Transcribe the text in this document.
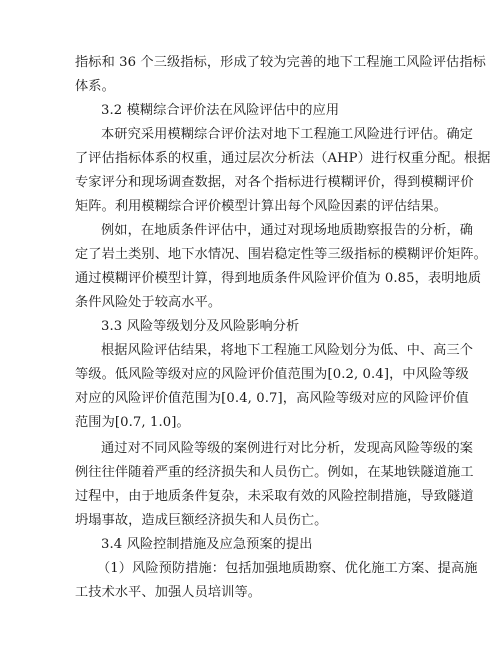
指标和 36 个三级指标，形成了较为完善的地下工程施工风险评估指标
体系。
3.2 模糊综合评价法在风险评估中的应用
本研究采用模糊综合评价法对地下工程施工风险进行评估。确定
了评估指标体系的权重，通过层次分析法（AHP）进行权重分配。根据
专家评分和现场调查数据，对各个指标进行模糊评价，得到模糊评价
矩阵。利用模糊综合评价模型计算出每个风险因素的评估结果。
例如，在地质条件评估中，通过对现场地质勘察报告的分析，确
定了岩土类别、地下水情况、围岩稳定性等三级指标的模糊评价矩阵。
通过模糊评价模型计算，得到地质条件风险评价值为 0.85，表明地质
条件风险处于较高水平。
3.3 风险等级划分及风险影响分析
根据风险评估结果，将地下工程施工风险划分为低、中、高三个
等级。低风险等级对应的风险评价值范围为[0.2, 0.4]，中风险等级
对应的风险评价值范围为[0.4, 0.7]，高风险等级对应的风险评价值
范围为[0.7, 1.0]。
通过对不同风险等级的案例进行对比分析，发现高风险等级的案
例往往伴随着严重的经济损失和人员伤亡。例如，在某地铁隧道施工
过程中，由于地质条件复杂，未采取有效的风险控制措施，导致隧道
坍塌事故，造成巨额经济损失和人员伤亡。
3.4 风险控制措施及应急预案的提出
（1）风险预防措施：包括加强地质勘察、优化施工方案、提高施
工技术水平、加强人员培训等。
